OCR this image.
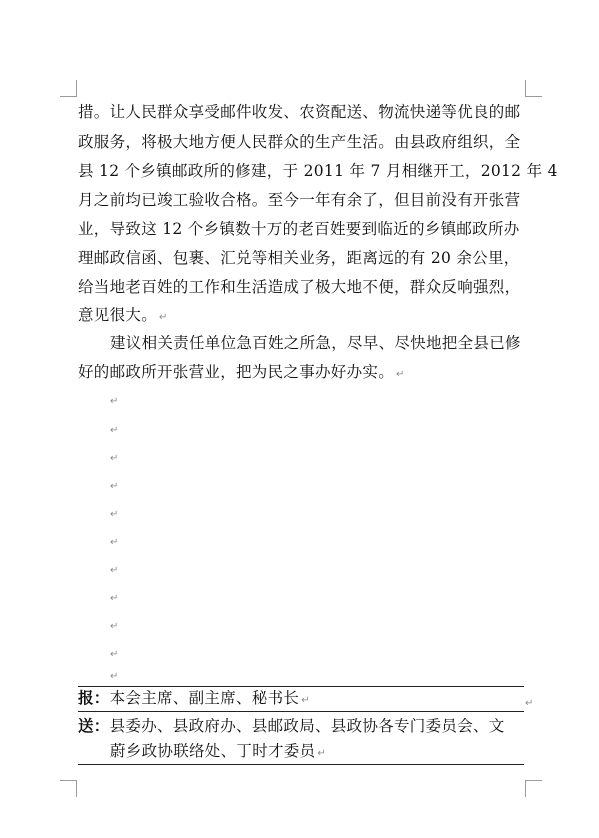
措。让人民群众享受邮件收发、农资配送、物流快递等优良的邮
政服务，将极大地方便人民群众的生产生活。由县政府组织，全
县 12 个乡镇邮政所的修建，于 2011 年 7 月相继开工，2012 年 4
月之前均已竣工验收合格。至今一年有余了，但目前没有开张营
业，导致这 12 个乡镇数十万的老百姓要到临近的乡镇邮政所办
理邮政信函、包裹、汇兑等相关业务，距离远的有 20 余公里，
给当地老百姓的工作和生活造成了极大地不便，群众反响强烈，
意见很大。 ↵
建议相关责任单位急百姓之所急，尽早、尽快地把全县已修
好的邮政所开张营业，把为民之事办好办实。 ↵
↵
↵
↵
↵
↵
↵
↵
↵
↵
↵
↵
报：本会主席、副主席、秘书长 ↵	↵
送：县委办、县政府办、县邮政局、县政协各专门委员会、文
蔚乡政协联络处、丁时才委员 ↵
